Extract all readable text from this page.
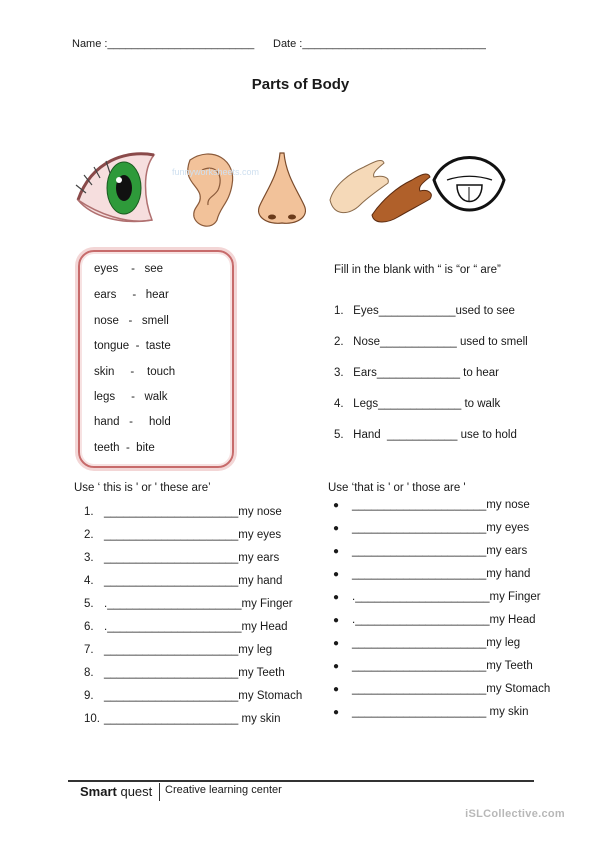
Name :________________________ Date :______________________________
Parts of Body
funnyworksheets.com
eyes    -   see
ears     -   hear
nose   -   smell
tongue  -  taste
skin     -    touch
legs     -   walk
hand   -     hold
teeth  -  bite
Fill in the blank with “ is “or “ are”
1.   Eyes____________used to see
2.   Nose____________ used to smell
3.   Ears_____________ to hear
4.   Legs_____________ to walk
5.   Hand  ___________ use to hold
Use ‘ this is ' or ' these are’
1. _____________________my nose
2. _____________________my eyes
3. _____________________my ears
4. _____________________my hand
5. ._____________________my Finger
6. ._____________________my Head
7. _____________________my leg
8. _____________________my Teeth
9. _____________________my Stomach
10. _____________________ my skin
Use ‘that is ' or ' those are '
● _____________________my nose
● _____________________my eyes
● _____________________my ears
● _____________________my hand
● ._____________________my Finger
● ._____________________my Head
● _____________________my leg
● _____________________my Teeth
● _____________________my Stomach
● _____________________ my skin
Smart quest Creative learning center
iSLCollective.com
